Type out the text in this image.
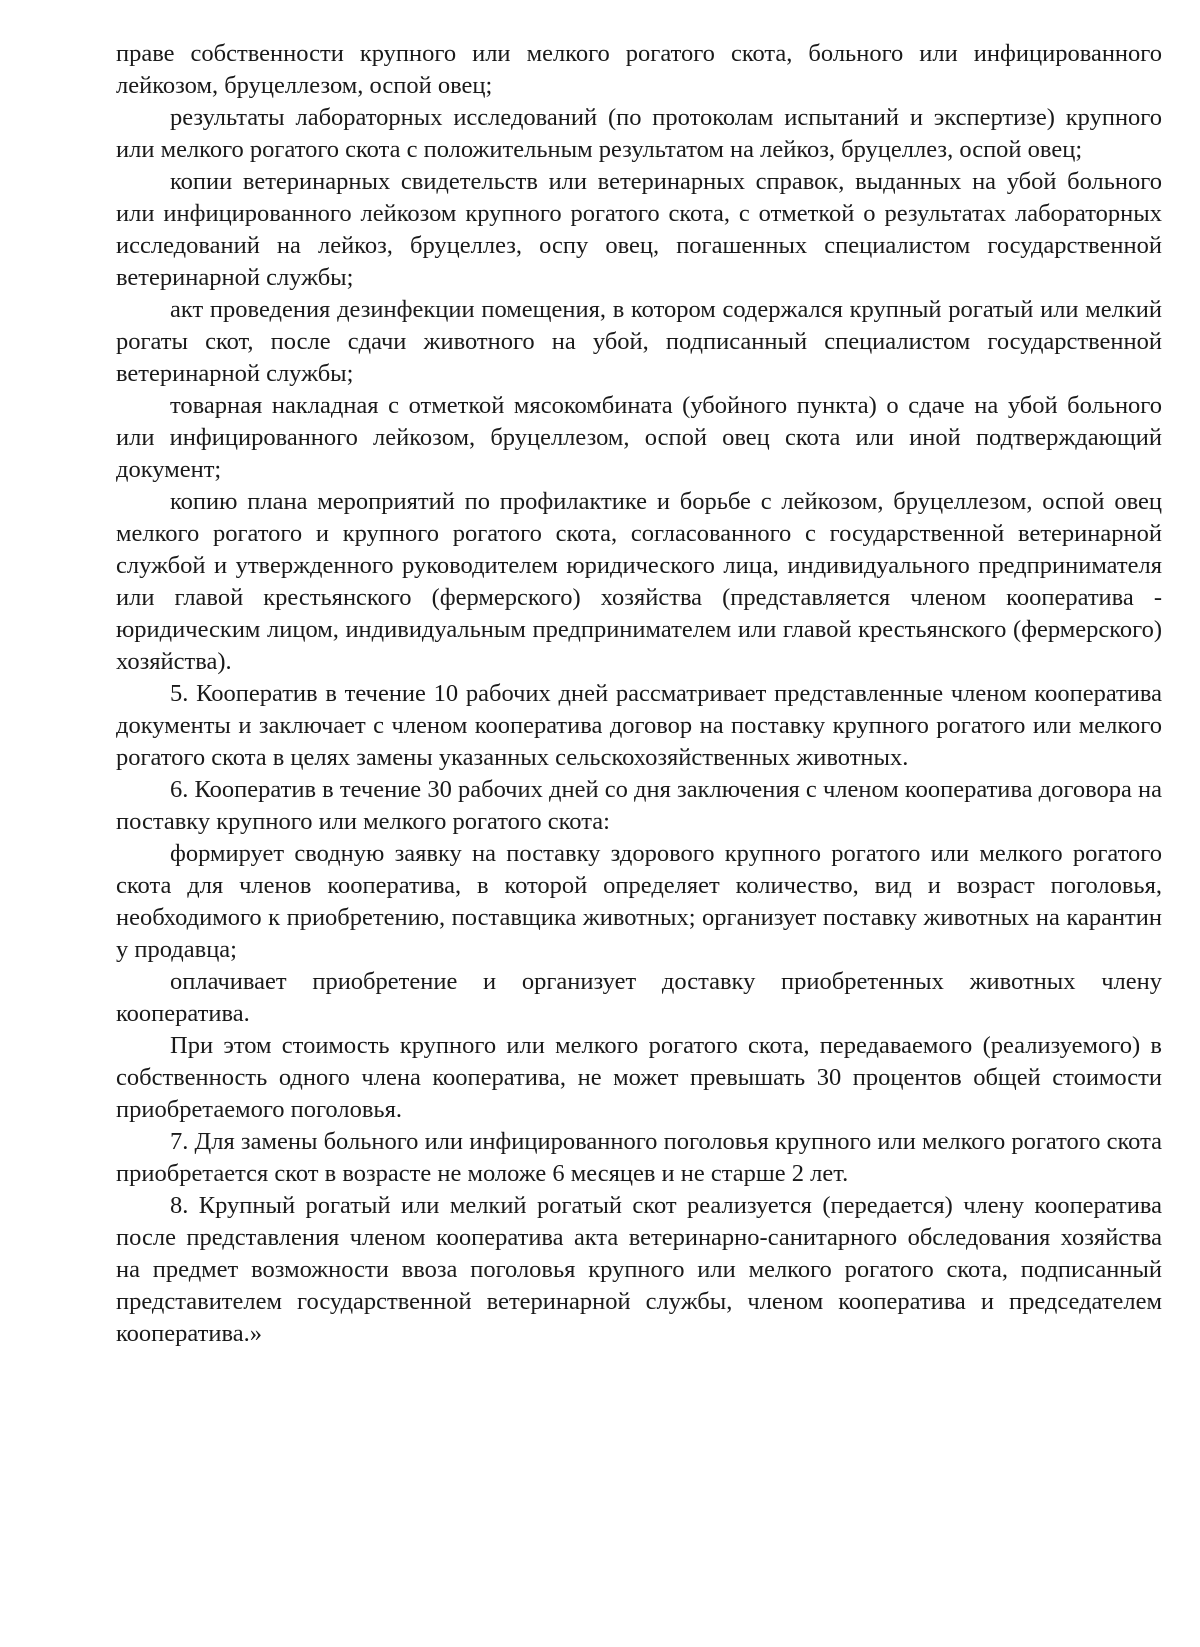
праве собственности крупного или мелкого рогатого скота, больного или инфицированного лейкозом, бруцеллезом, оспой овец;

результаты лабораторных исследований (по протоколам испытаний и экспертизе) крупного или мелкого рогатого скота с положительным результатом на лейкоз, бруцеллез, оспой овец;

копии ветеринарных свидетельств или ветеринарных справок, выданных на убой больного или инфицированного лейкозом крупного рогатого скота, с отметкой о результатах лабораторных исследований на лейкоз, бруцеллез, оспу овец, погашенных специалистом государственной ветеринарной службы;

акт проведения дезинфекции помещения, в котором содержался крупный рогатый или мелкий рогаты скот, после сдачи животного на убой, подписанный специалистом государственной ветеринарной службы;

товарная накладная с отметкой мясокомбината (убойного пункта) о сдаче на убой больного или инфицированного лейкозом, бруцеллезом, оспой овец скота или иной подтверждающий документ;

копию плана мероприятий по профилактике и борьбе с лейкозом, бруцеллезом, оспой овец мелкого рогатого и крупного рогатого скота, согласованного с государственной ветеринарной службой и утвержденного руководителем юридического лица, индивидуального предпринимателя или главой крестьянского (фермерского) хозяйства (представляется членом кооператива - юридическим лицом, индивидуальным предпринимателем или главой крестьянского (фермерского) хозяйства).

5. Кооператив в течение 10 рабочих дней рассматривает представленные членом кооператива документы и заключает с членом кооператива договор на поставку крупного рогатого или мелкого рогатого скота в целях замены указанных сельскохозяйственных животных.

6. Кооператив в течение 30 рабочих дней со дня заключения с членом кооператива договора на поставку крупного или мелкого рогатого скота:

формирует сводную заявку на поставку здорового крупного рогатого или мелкого рогатого скота для членов кооператива, в которой определяет количество, вид и возраст поголовья, необходимого к приобретению, поставщика животных; организует поставку животных на карантин у продавца;

оплачивает приобретение и организует доставку приобретенных животных члену кооператива.

При этом стоимость крупного или мелкого рогатого скота, передаваемого (реализуемого) в собственность одного члена кооператива, не может превышать 30 процентов общей стоимости приобретаемого поголовья.

7. Для замены больного или инфицированного поголовья крупного или мелкого рогатого скота приобретается скот в возрасте не моложе 6 месяцев и не старше 2 лет.

8. Крупный рогатый или мелкий рогатый скот реализуется (передается) члену кооператива после представления членом кооператива акта ветеринарно-санитарного обследования хозяйства на предмет возможности ввоза поголовья крупного или мелкого рогатого скота, подписанный представителем государственной ветеринарной службы, членом кооператива и председателем кооператива.»
